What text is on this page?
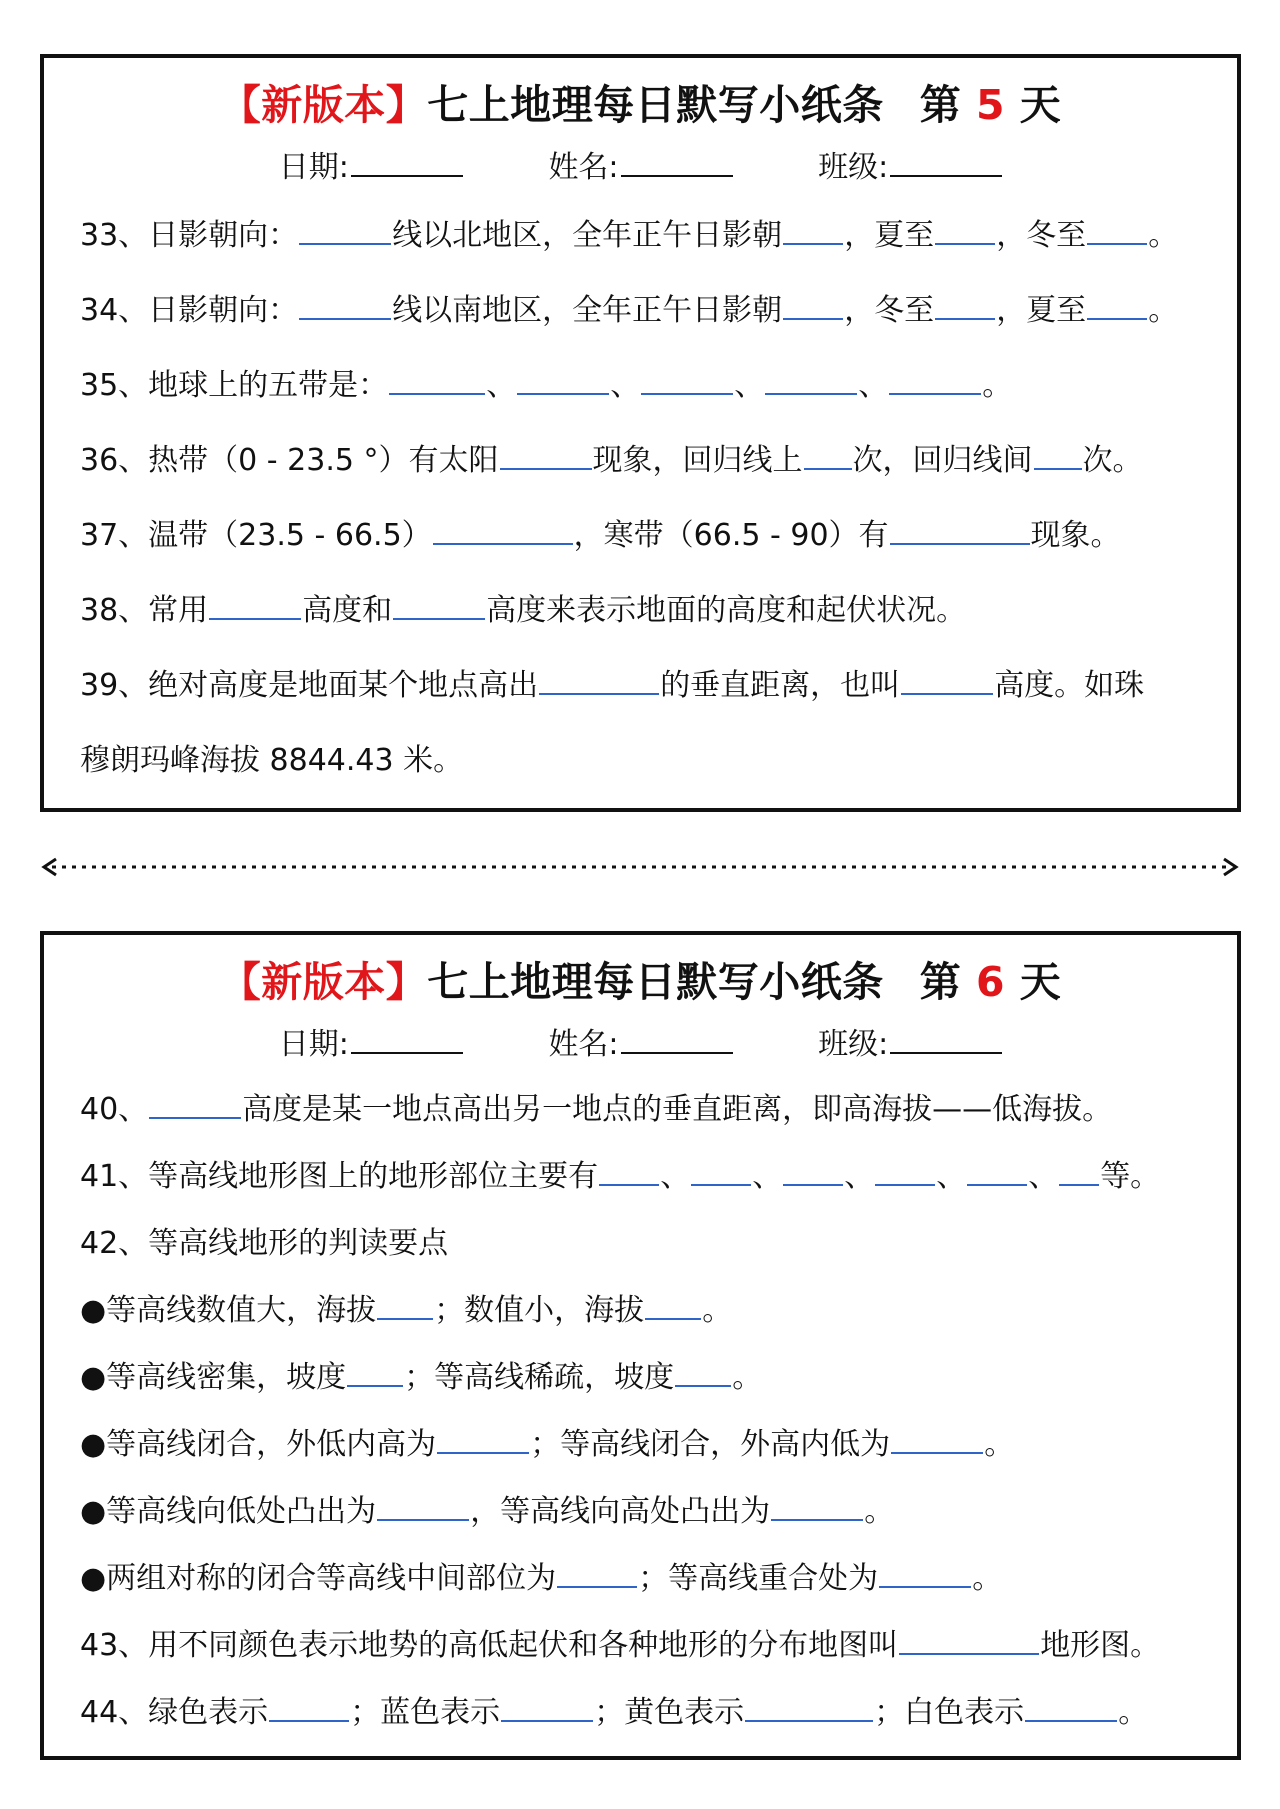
【新版本】七上地理每日默写小纸条 第 5 天
日期:	姓名:	班级:
33、日影朝向：	线以北地区，全年正午日影朝 ，夏至 ，冬至 。
34、日影朝向：	线以南地区，全年正午日影朝 ，冬至 ，夏至 。
35、地球上的五带是：	、	、	、	、	。
36、热带（0 - 23.5 °）有太阳	现象，回归线上 次，回归线间 次。
37、温带（23.5 - 66.5）	，寒带（66.5 - 90）有	现象。
38、常用	高度和	高度来表示地面的高度和起伏状况。
39、绝对高度是地面某个地点高出	的垂直距离，也叫	高度。如珠
穆朗玛峰海拔 8844.43 米。
【新版本】七上地理每日默写小纸条 第 6 天
日期:	姓名:	班级:
40、	高度是某一地点高出另一地点的垂直距离，即高海拔——低海拔。
41、等高线地形图上的地形部位主要有 、 、 、 、 、 等。
42、等高线地形的判读要点
●等高线数值大，海拔 ；数值小，海拔 。
●等高线密集，坡度 ；等高线稀疏，坡度 。
●等高线闭合，外低内高为	；等高线闭合，外高内低为	。
●等高线向低处凸出为	，等高线向高处凸出为	。
●两组对称的闭合等高线中间部位为	；等高线重合处为	。
43、用不同颜色表示地势的高低起伏和各种地形的分布地图叫	地形图。
44、绿色表示	；蓝色表示	；黄色表示	；白色表示	。
